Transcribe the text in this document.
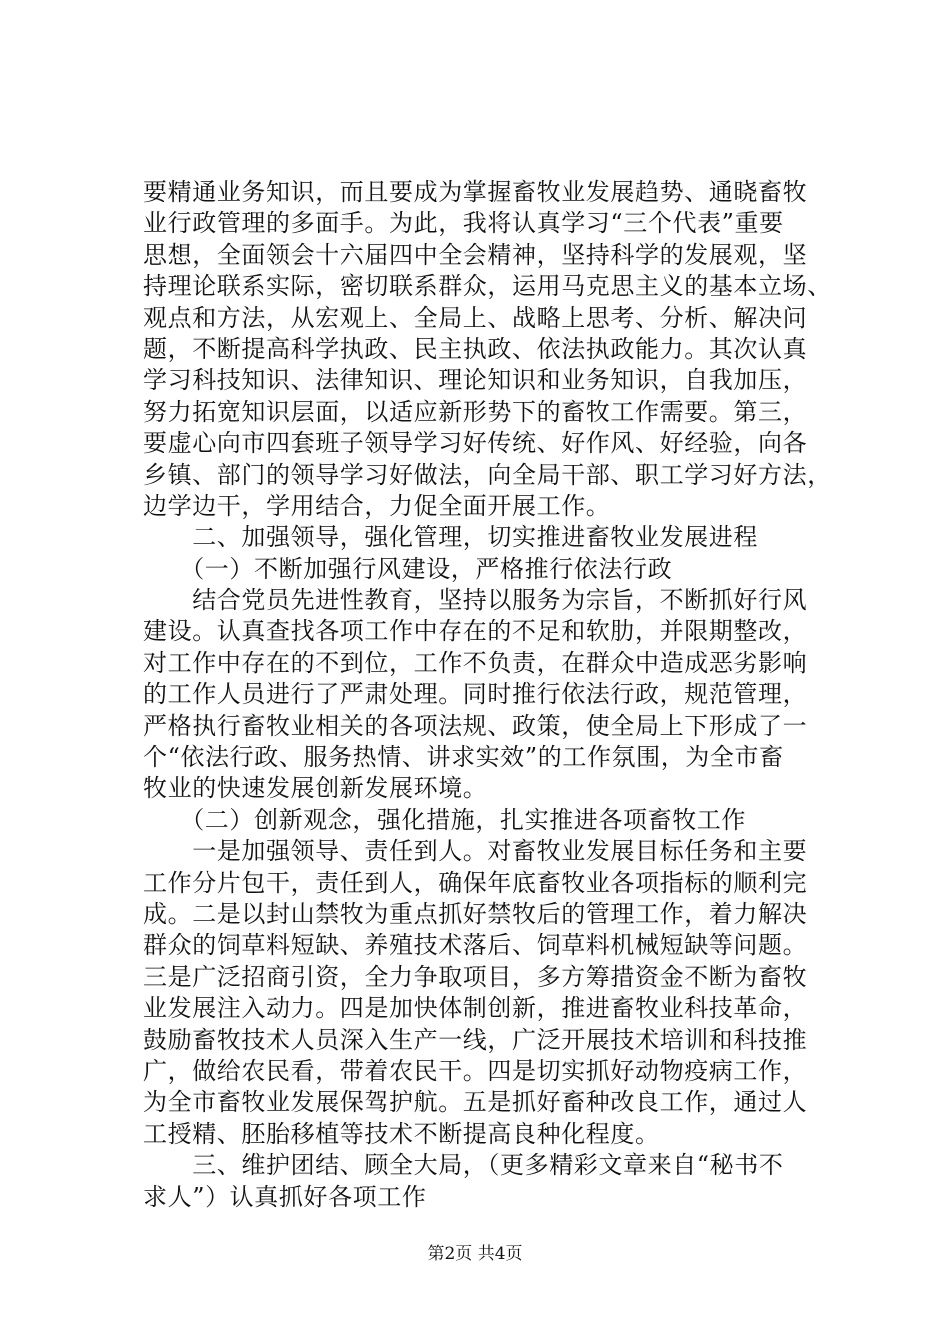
要精通业务知识，而且要成为掌握畜牧业发展趋势、通晓畜牧
业行政管理的多面手。为此，我将认真学习“三个代表”重要
思想，全面领会十六届四中全会精神，坚持科学的发展观，坚
持理论联系实际，密切联系群众，运用马克思主义的基本立场、
观点和方法，从宏观上、全局上、战略上思考、分析、解决问
题，不断提高科学执政、民主执政、依法执政能力。其次认真
学习科技知识、法律知识、理论知识和业务知识，自我加压，
努力拓宽知识层面，以适应新形势下的畜牧工作需要。第三，
要虚心向市四套班子领导学习好传统、好作风、好经验，向各
乡镇、部门的领导学习好做法，向全局干部、职工学习好方法，
边学边干，学用结合，力促全面开展工作。
　　二、加强领导，强化管理，切实推进畜牧业发展进程
　　（一）不断加强行风建设，严格推行依法行政
　　结合党员先进性教育，坚持以服务为宗旨，不断抓好行风
建设。认真查找各项工作中存在的不足和软肋，并限期整改，
对工作中存在的不到位，工作不负责，在群众中造成恶劣影响
的工作人员进行了严肃处理。同时推行依法行政，规范管理，
严格执行畜牧业相关的各项法规、政策，使全局上下形成了一
个“依法行政、服务热情、讲求实效”的工作氛围，为全市畜
牧业的快速发展创新发展环境。
　　（二）创新观念，强化措施，扎实推进各项畜牧工作
　　一是加强领导、责任到人。对畜牧业发展目标任务和主要
工作分片包干，责任到人，确保年底畜牧业各项指标的顺利完
成。二是以封山禁牧为重点抓好禁牧后的管理工作，着力解决
群众的饲草料短缺、养殖技术落后、饲草料机械短缺等问题。
三是广泛招商引资，全力争取项目，多方筹措资金不断为畜牧
业发展注入动力。四是加快体制创新，推进畜牧业科技革命，
鼓励畜牧技术人员深入生产一线，广泛开展技术培训和科技推
广，做给农民看，带着农民干。四是切实抓好动物疫病工作，
为全市畜牧业发展保驾护航。五是抓好畜种改良工作，通过人
工授精、胚胎移植等技术不断提高良种化程度。
　　三、维护团结、顾全大局，（更多精彩文章来自“秘书不
求人”）认真抓好各项工作
第2页 共4页
